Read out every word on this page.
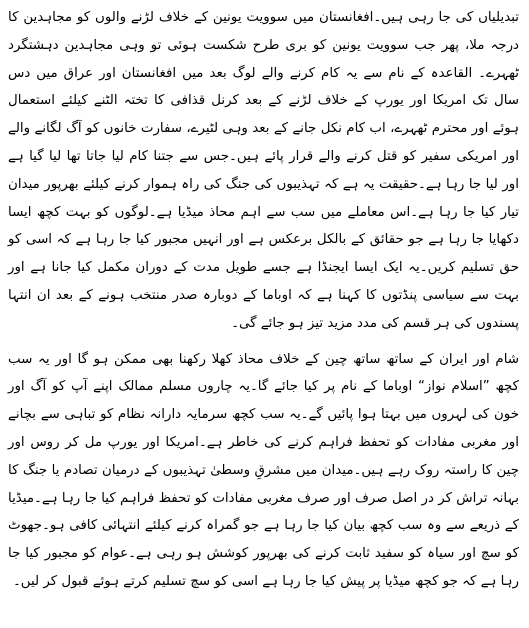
تبدیلیاں کی جا رہی ہیں۔افغانستان میں سوویت یونین کے خلاف لڑنے والوں کو مجاہدین کا درجہ ملا، پھر جب سوویت یونین کو بری طرح شکست ہوئی تو وہی مجاہدین دہشتگرد ٹھہرے۔ القاعدہ کے نام سے یہ کام کرنے والے لوگ بعد میں افغانستان اور عراق میں دس سال تک امریکا اور یورپ کے خلاف لڑنے کے بعد کرنل قذافی کا تختہ الٹنے کیلئے استعمال ہوئے اور محترم ٹھہرے، اب کام نکل جانے کے بعد وہی لٹیرے، سفارت خانوں کو آگ لگانے والے اور امریکی سفیر کو قتل کرنے والے قرار پائے ہیں۔جس سے جتنا کام لیا جاتا تھا لیا گیا ہے اور لیا جا رہا ہے۔حقیقت یہ ہے کہ تہذیبوں کی جنگ کی راہ ہموار کرنے کیلئے بھرپور میدان تیار کیا جا رہا ہے۔اس معاملے میں سب سے اہم محاذ میڈیا ہے۔لوگوں کو بہت کچھ ایسا دکھایا جا رہا ہے جو حقائق کے بالکل برعکس ہے اور انہیں مجبور کیا جا رہا ہے کہ اسی کو حق تسلیم کریں۔یہ ایک ایسا ایجنڈا ہے جسے طویل مدت کے دوران مکمل کیا جانا ہے اور بہت سے سیاسی پنڈتوں کا کہنا ہے کہ اوباما کے دوبارہ صدر منتخب ہونے کے بعد ان انتہا پسندوں کی ہر قسم کی مدد مزید تیز ہو جائے گی۔

شام اور ایران کے ساتھ ساتھ چین کے خلاف محاذ کھلا رکھنا بھی ممکن ہو گا اور یہ سب کچھ ”اسلام نواز“ اوباما کے نام پر کیا جائے گا۔یہ چاروں مسلم ممالک اپنے آپ کو آگ اور خون کی لہروں میں بہتا ہوا پائیں گے۔یہ سب کچھ سرمایہ دارانہ نظام کو تباہی سے بچانے اور مغربی مفادات کو تحفظ فراہم کرنے کی خاطر ہے۔امریکا اور یورپ مل کر روس اور چین کا راستہ روک رہے ہیں۔میدان میں مشرقِ وسطیٰ تہذیبوں کے درمیان تصادم یا جنگ کا بہانہ تراش کر در اصل صرف اور صرف مغربی مفادات کو تحفظ فراہم کیا جا رہا ہے۔میڈیا کے ذریعے سے وہ سب کچھ بیان کیا جا رہا ہے جو گمراہ کرنے کیلئے انتہائی کافی ہو۔جھوٹ کو سچ اور سیاہ کو سفید ثابت کرنے کی بھرپور کوشش ہو رہی ہے۔عوام کو مجبور کیا جا رہا ہے کہ جو کچھ میڈیا پر پیش کیا جا رہا ہے اسی کو سچ تسلیم کرتے ہوئے قبول کر لیں۔
